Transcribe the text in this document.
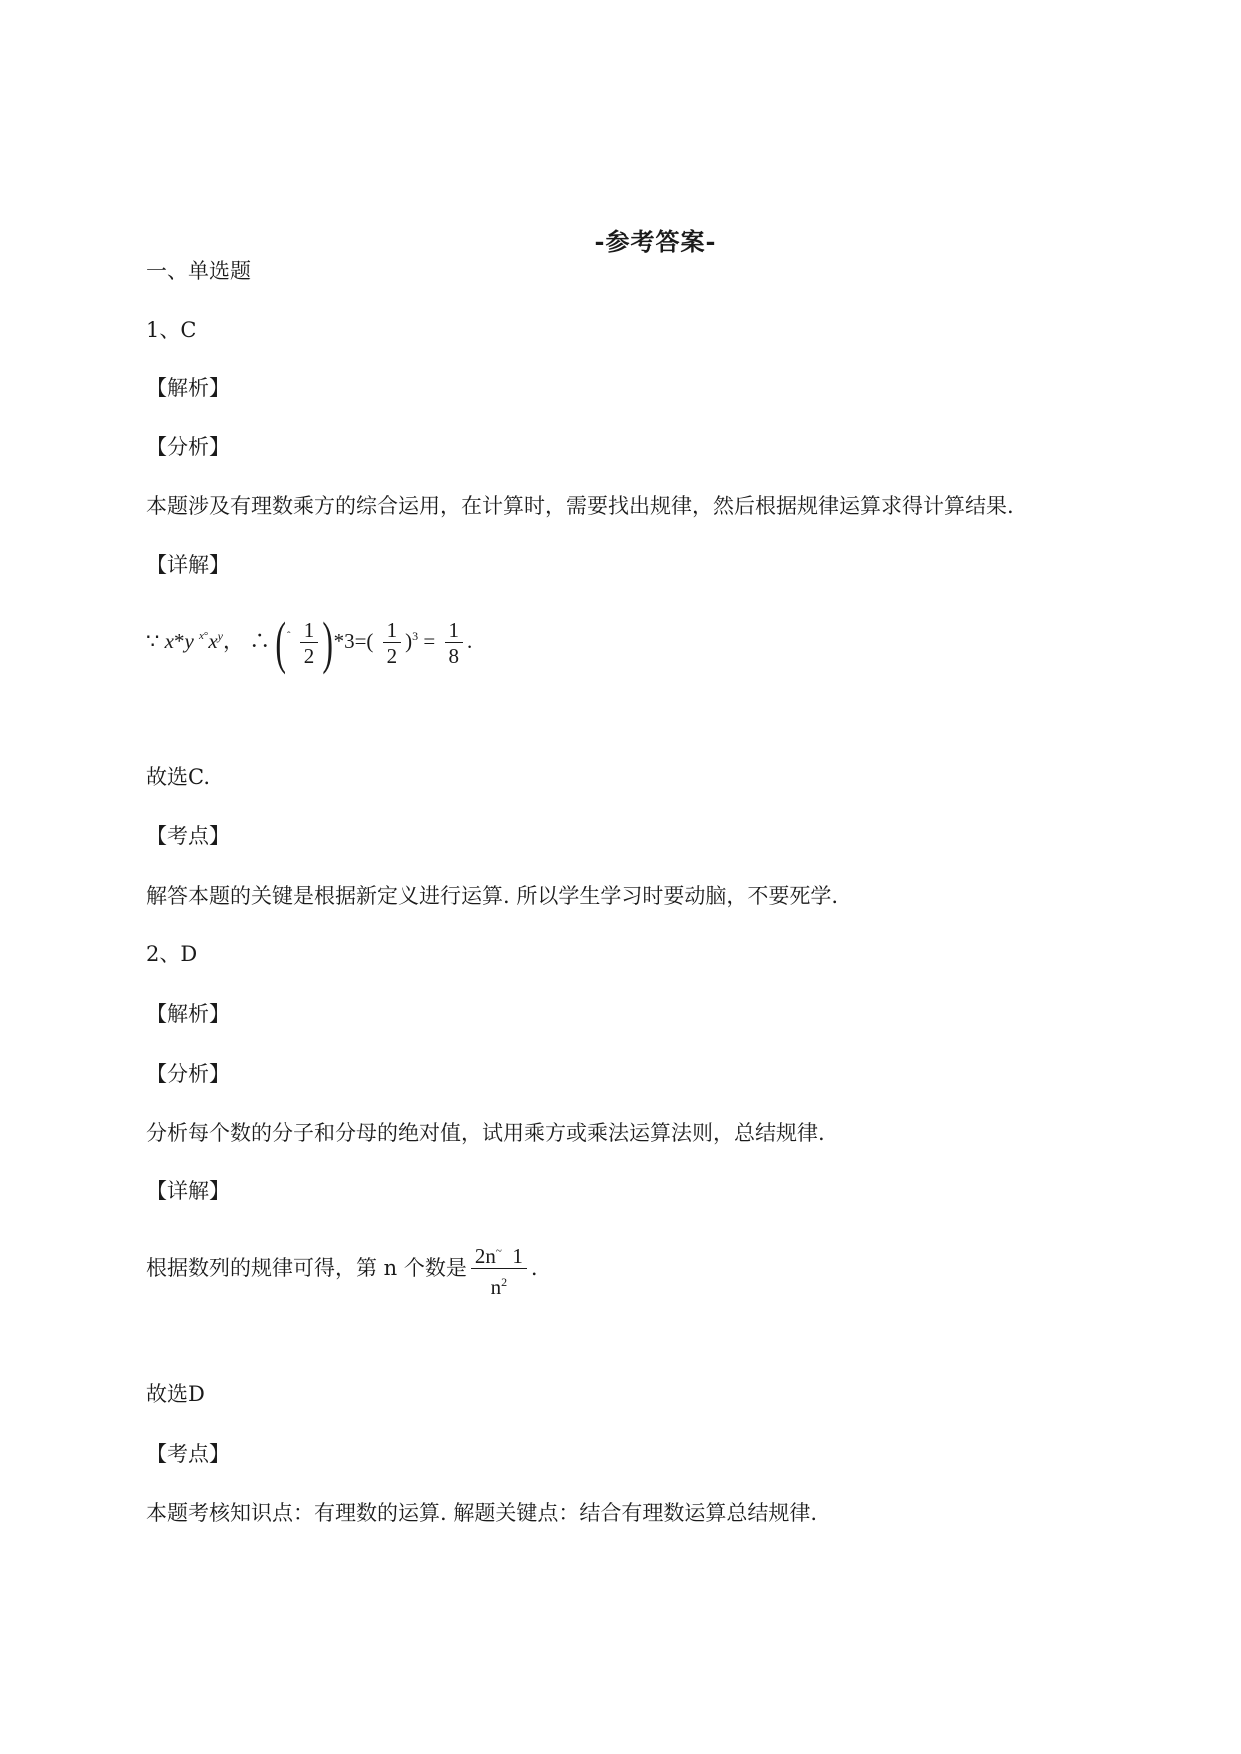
-参考答案-
一、单选题
1、C
【解析】
【分析】
本题涉及有理数乘方的综合运用，在计算时，需要找出规律，然后根据规律运算求得计算结果.
【详解】
∵ x*y $^{x^\circ}x^y$， ∴ $(^ˆ \frac{1}{2} )*3=( \frac{1}{2} )^3 = \frac{1}{8}$ .
故选C.
【考点】
解答本题的关键是根据新定义进行运算. 所以学生学习时要动脑，不要死学.
2、D
【解析】
【分析】
分析每个数的分子和分母的绝对值，试用乘方或乘法运算法则，总结规律.
【详解】
根据数列的规律可得，第 n 个数是 $\frac{2n^\sim 1}{n^2}$ .
故选D
【考点】
本题考核知识点：有理数的运算. 解题关键点：结合有理数运算总结规律.
